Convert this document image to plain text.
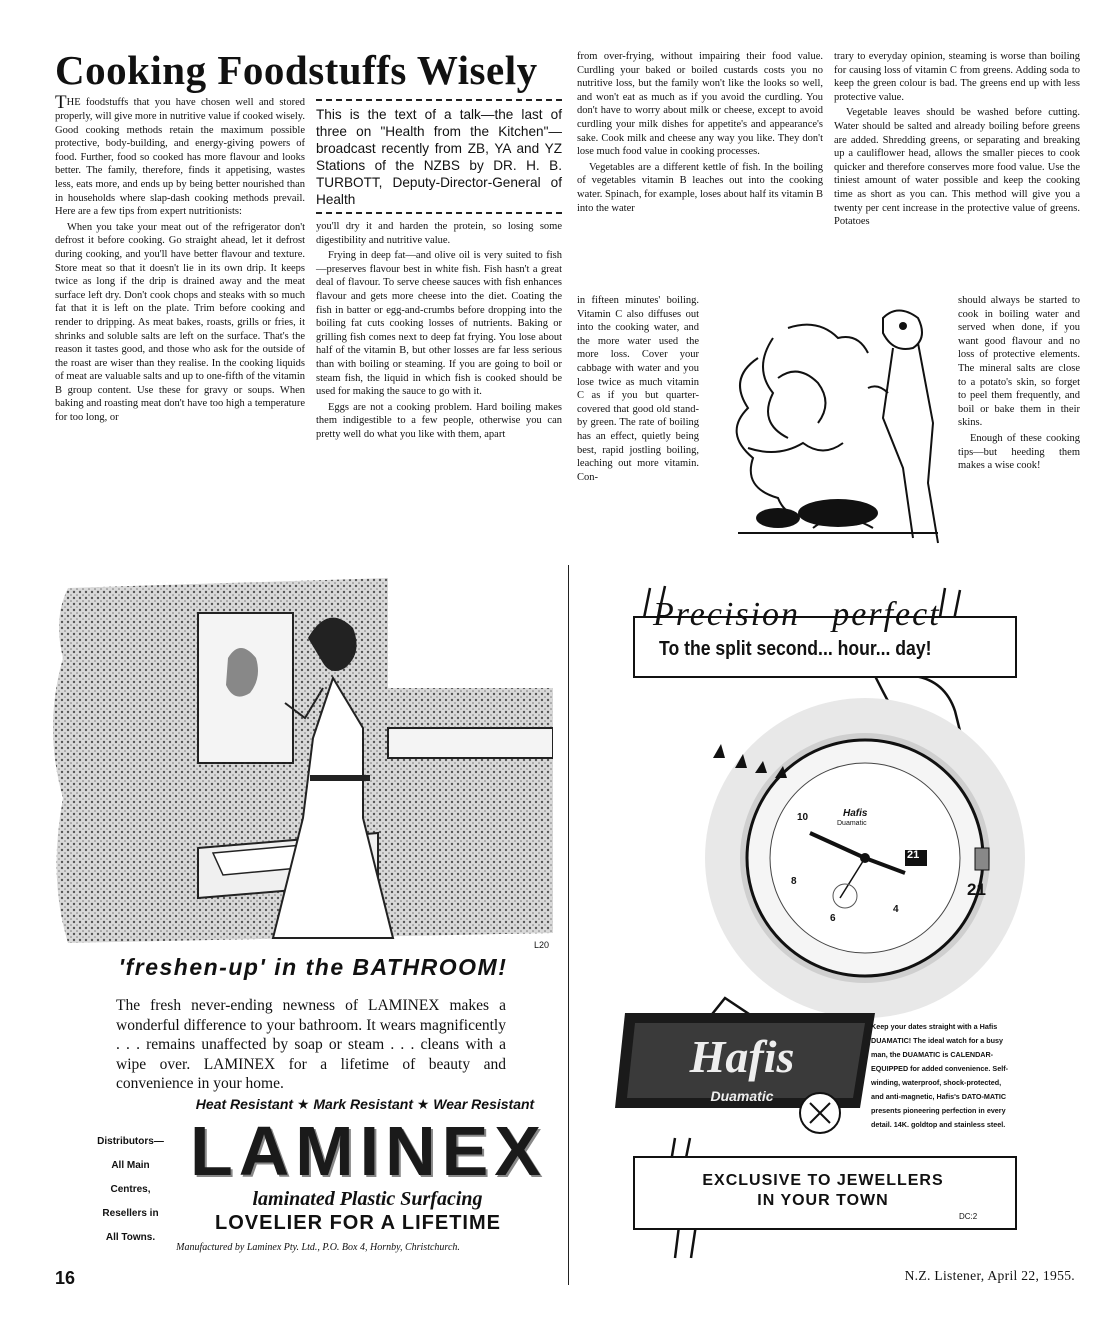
Cooking Foodstuffs Wisely

THE foodstuffs that you have chosen well and stored properly, will give more in nutritive value if cooked wisely. Good cooking methods retain the maximum possible protective, body-building, and energy-giving powers of food. Further, food so cooked has more flavour and looks better. The family, therefore, finds it appetising, wastes less, eats more, and ends up by being better nourished than in households where slap-dash cooking methods prevail. Here are a few tips from expert nutritionists:

When you take your meat out of the refrigerator don't defrost it before cooking. Go straight ahead, let it defrost during cooking, and you'll have better flavour and texture. Store meat so that it doesn't lie in its own drip. It keeps twice as long if the drip is drained away and the meat surface left dry. Don't cook chops and steaks with so much fat that it is left on the plate. Trim before cooking and render to dripping. As meat bakes, roasts, grills or fries, it shrinks and soluble salts are left on the surface. That's the reason it tastes good, and those who ask for the outside of the roast are wiser than they realise. In the cooking liquids of meat are valuable salts and up to one-fifth of the vitamin B group content. Use these for gravy or soups. When baking and roasting meat don't have too high a temperature for too long, or

This is the text of a talk—the last of three on "Health from the Kitchen"—broadcast recently from ZB, YA and YZ Stations of the NZBS by DR. H. B. TURBOTT, Deputy-Director-General of Health

you'll dry it and harden the protein, so losing some digestibility and nutritive value.

Frying in deep fat—and olive oil is very suited to fish—preserves flavour best in white fish. Fish hasn't a great deal of flavour. To serve cheese sauces with fish enhances flavour and gets more cheese into the diet. Coating the fish in batter or egg-and-crumbs before dropping into the boiling fat cuts cooking losses of nutrients. Baking or grilling fish comes next to deep fat frying. You lose about half of the vitamin B, but other losses are far less serious than with boiling or steaming. If you are going to boil or steam fish, the liquid in which fish is cooked should be used for making the sauce to go with it.

Eggs are not a cooking problem. Hard boiling makes them indigestible to a few people, otherwise you can pretty well do what you like with them, apart

from over-frying, without impairing their food value. Curdling your baked or boiled custards costs you no nutritive loss, but the family won't like the looks so well, and won't eat as much as if you avoid the curdling. You don't have to worry about milk or cheese, except to avoid curdling your milk dishes for appetite's and appearance's sake. Cook milk and cheese any way you like. They don't lose much food value in cooking processes.

Vegetables are a different kettle of fish. In the boiling of vegetables vitamin B leaches out into the cooking water. Spinach, for example, loses about half its vitamin B into the water

in fifteen minutes' boiling. Vitamin C also diffuses out into the cooking water, and the more water used the more loss. Cover your cabbage with water and you lose twice as much vitamin C as if you but quarter-covered that good old stand-by green. The rate of boiling has an effect, quietly being best, rapid jostling boiling, leaching out more vitamin. Con-

trary to everyday opinion, steaming is worse than boiling for causing loss of vitamin C from greens. Adding soda to keep the green colour is bad. The greens end up with less protective value.

Vegetable leaves should be washed before cutting. Water should be salted and already boiling before greens are added. Shredding greens, or separating and breaking up a cauliflower head, allows the smaller pieces to cook quicker and therefore conserves more food value. Use the tiniest amount of water possible and keep the cooking time as short as you can. This method will give you a twenty per cent increase in the protective value of greens. Potatoes

should always be started to cook in boiling water and served when done, if you want good flavour and no loss of protective elements. The mineral salts are close to a potato's skin, so forget to peel them frequently, and boil or bake them in their skins.

Enough of these cooking tips—but heeding them makes a wise cook!

L20
'freshen-up' in the BATHROOM!
The fresh never-ending newness of LAMINEX makes a wonderful difference to your bathroom. It wears magnificently . . . remains unaffected by soap or steam . . . cleans with a wipe over. LAMINEX for a lifetime of beauty and convenience in your home.
Heat Resistant ★ Mark Resistant ★ Wear Resistant
Distributors—
All Main
Centres,
Resellers in
All Towns.
LAMINEX
laminated Plastic Surfacing
LOVELIER FOR A LIFETIME
Manufactured by Laminex Pty. Ltd., P.O. Box 4, Hornby, Christchurch.
Precision—perfect
To the split second... hour... day!
Hafis
Duamatic
10
8
6
4
21
21
Hafis
Duamatic
Keep your dates straight with a Hafis DUAMATIC! The ideal watch for a busy man, the DUAMATIC is CALENDAR-EQUIPPED for added convenience. Self-winding, waterproof, shock-protected, and anti-magnetic, Hafis's DATO-MATIC presents pioneering perfection in every detail. 14K. goldtop and stainless steel.
EXCLUSIVE TO JEWELLERS
IN YOUR TOWN
DC:2
16	N.Z. Listener, April 22, 1955.
